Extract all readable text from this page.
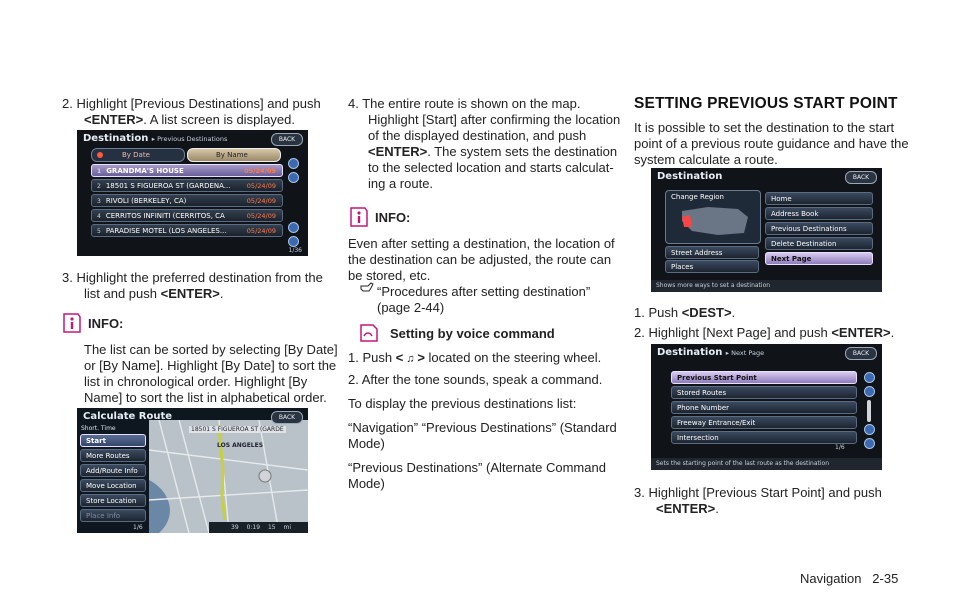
2. Highlight [Previous Destinations] and push

<ENTER>. A list screen is displayed.

Destination ▸ Previous Destinations	BACK
By Date	By Name
1 GRANDMA'S HOUSE	05/24/09
2 18501 S FIGUEROA ST (GARDENA...	05/24/09
3 RIVOLI (BERKELEY, CA)	05/24/09
4 CERRITOS INFINITI (CERRITOS, CA	05/24/09
5 PARADISE MOTEL (LOS ANGELES...	05/24/09
1/36

3. Highlight the preferred destination from the

list and push <ENTER>.

INFO:

The list can be sorted by selecting [By Date]

or [By Name]. Highlight [By Date] to sort the

list in chronological order. Highlight [By

Name] to sort the list in alphabetical order.

Calculate Route	BACK
18501 S FIGUEROA ST (GARDE
LOS ANGELES
Short. Time
Start
More Routes
Add/Route Info
Move Location
Store Location
Place Info
1/6	39 0:19 15 mi

4. The entire route is shown on the map.

Highlight [Start] after confirming the location

of the displayed destination, and push

<ENTER>. The system sets the destination

to the selected location and starts calculat-

ing a route.

INFO:

Even after setting a destination, the location of

the destination can be adjusted, the route can

be stored, etc.

“Procedures after setting destination”

(page 2-44)

Setting by voice command

1. Push < ♫ > located on the steering wheel.

2. After the tone sounds, speak a command.

To display the previous destinations list:

“Navigation” “Previous Destinations” (Standard

Mode)

“Previous Destinations” (Alternate Command

Mode)

SETTING PREVIOUS START POINT

It is possible to set the destination to the start

point of a previous route guidance and have the

system calculate a route.

Destination	BACK
Change Region
Street Address
Places
Home
Address Book
Previous Destinations
Delete Destination
Next Page
Shows more ways to set a destination

1. Push <DEST>.

2. Highlight [Next Page] and push <ENTER>.

Destination ▸ Next Page	BACK
Previous Start Point
Stored Routes
Phone Number
Freeway Entrance/Exit
Intersection
1/6
Sets the starting point of the last route as the destination

3. Highlight [Previous Start Point] and push

<ENTER>.

Navigation 2-35
